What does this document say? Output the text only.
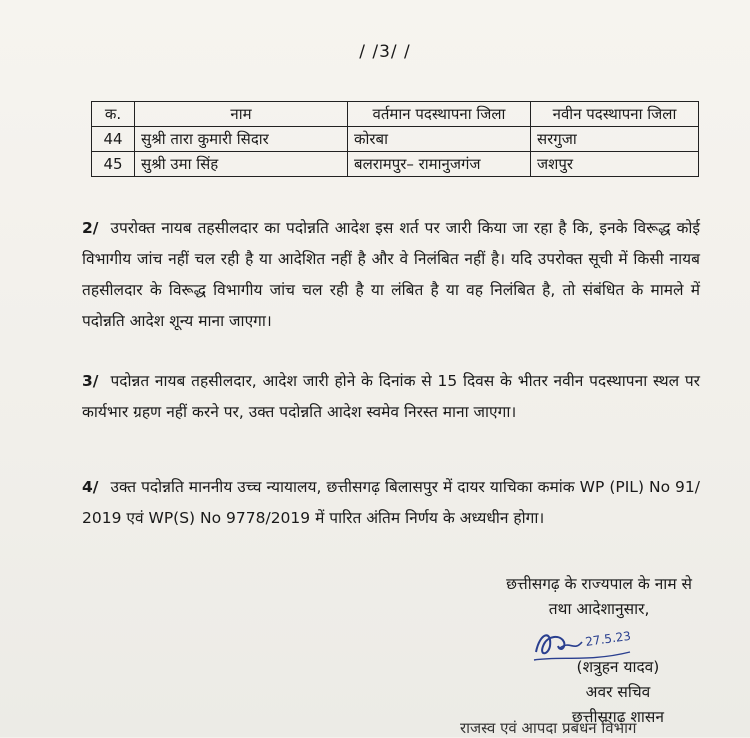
/ /3/ /
क.	नाम	वर्तमान पदस्थापना जिला	नवीन पदस्थापना जिला
44	सुश्री तारा कुमारी सिदार	कोरबा	सरगुजा
45	सुश्री उमा सिंह	बलरामपुर– रामानुजगंज	जशपुर
2/ उपरोक्त नायब तहसीलदार का पदोन्नति आदेश इस शर्त पर जारी किया जा रहा है कि, इनके विरूद्ध कोई विभागीय जांच नहीं चल रही है या आदेशित नहीं है और वे निलंबित नहीं है। यदि उपरोक्त सूची में किसी नायब तहसीलदार के विरूद्ध विभागीय जांच चल रही है या लंबित है या वह निलंबित है, तो संबंधित के मामले में पदोन्नति आदेश शून्य माना जाएगा।
3/ पदोन्नत नायब तहसीलदार, आदेश जारी होने के दिनांक से 15 दिवस के भीतर नवीन पदस्थापना स्थल पर कार्यभार ग्रहण नहीं करने पर, उक्त पदोन्नति आदेश स्वमेव निरस्त माना जाएगा।
4/ उक्त पदोन्नति माननीय उच्च न्यायालय, छत्तीसगढ़ बिलासपुर में दायर याचिका कमांक WP (PIL) No 91/ 2019 एवं WP(S) No 9778/2019 में पारित अंतिम निर्णय के अध्यधीन होगा।
छत्तीसगढ़ के राज्यपाल के नाम से
तथा आदेशानुसार,
27.5.23
(शत्रुहन यादव)
अवर सचिव
छत्तीसगढ़ शासन
राजस्व एवं आपदा प्रबंधन विभाग
